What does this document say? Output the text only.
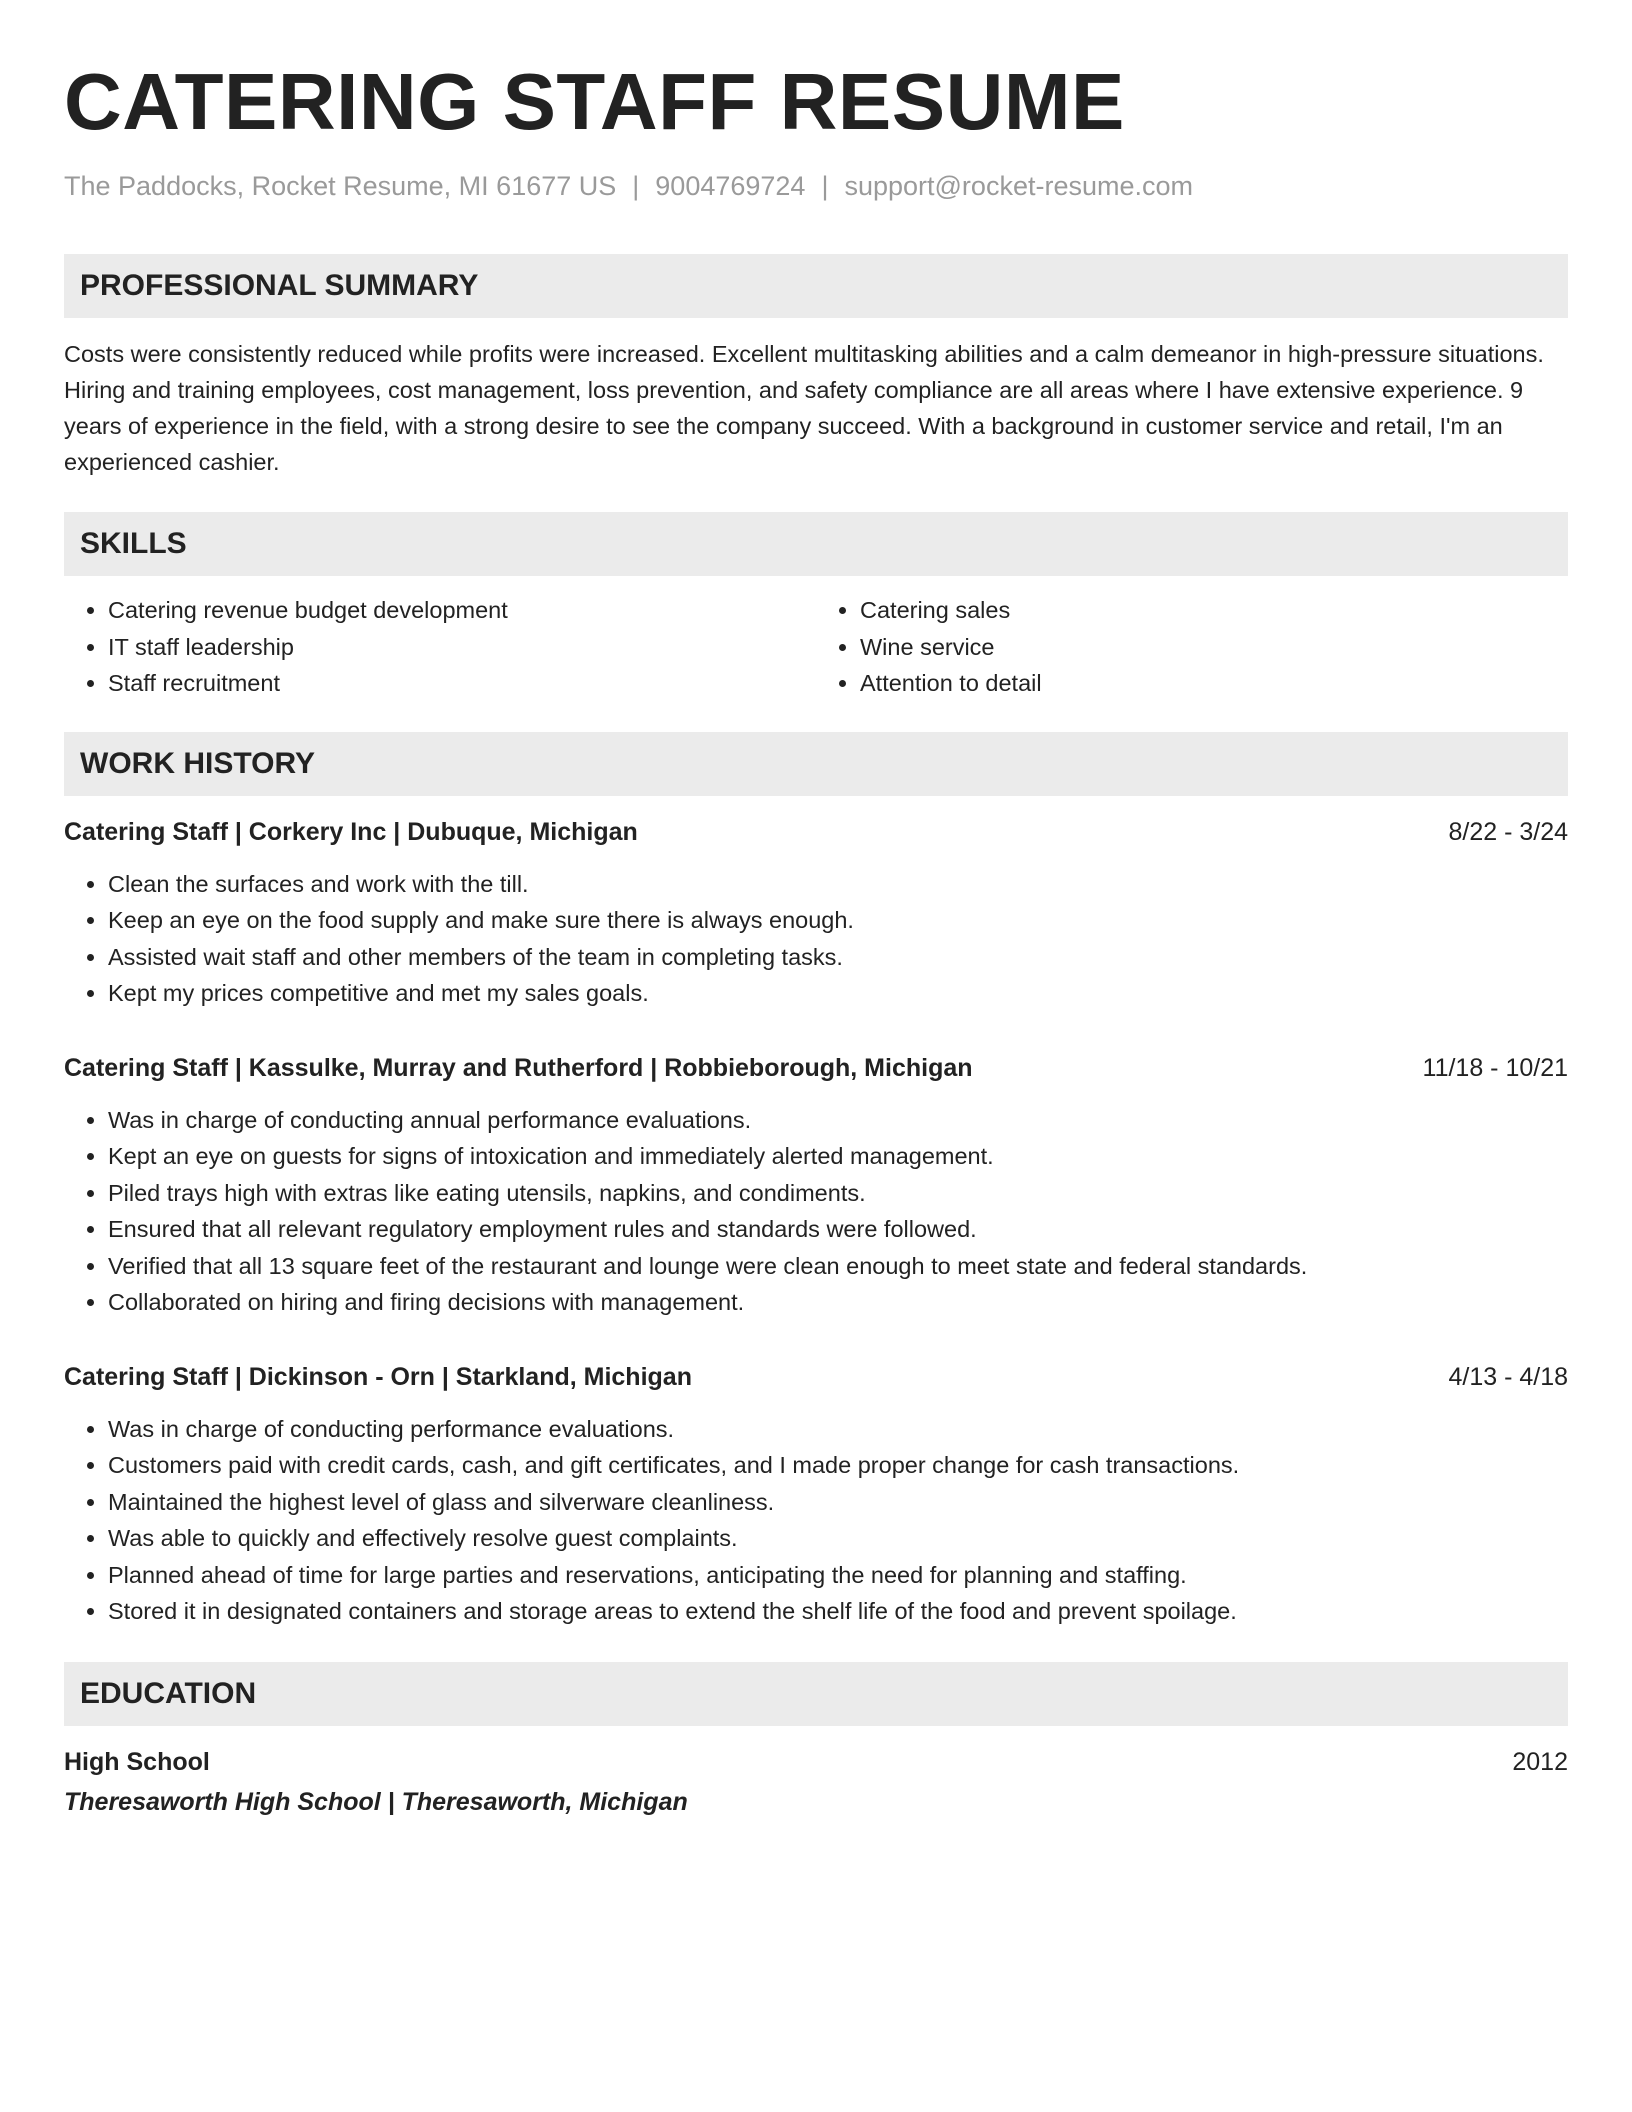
CATERING STAFF RESUME
The Paddocks, Rocket Resume, MI 61677 US | 9004769724 | support@rocket-resume.com
PROFESSIONAL SUMMARY
Costs were consistently reduced while profits were increased. Excellent multitasking abilities and a calm demeanor in high-pressure situations. Hiring and training employees, cost management, loss prevention, and safety compliance are all areas where I have extensive experience. 9 years of experience in the field, with a strong desire to see the company succeed. With a background in customer service and retail, I'm an experienced cashier.
SKILLS
• Catering revenue budget development
• IT staff leadership
• Staff recruitment
• Catering sales
• Wine service
• Attention to detail
WORK HISTORY
Catering Staff | Corkery Inc | Dubuque, Michigan	8/22 - 3/24
• Clean the surfaces and work with the till.
• Keep an eye on the food supply and make sure there is always enough.
• Assisted wait staff and other members of the team in completing tasks.
• Kept my prices competitive and met my sales goals.
Catering Staff | Kassulke, Murray and Rutherford | Robbieborough, Michigan	11/18 - 10/21
• Was in charge of conducting annual performance evaluations.
• Kept an eye on guests for signs of intoxication and immediately alerted management.
• Piled trays high with extras like eating utensils, napkins, and condiments.
• Ensured that all relevant regulatory employment rules and standards were followed.
• Verified that all 13 square feet of the restaurant and lounge were clean enough to meet state and federal standards.
• Collaborated on hiring and firing decisions with management.
Catering Staff | Dickinson - Orn | Starkland, Michigan	4/13 - 4/18
• Was in charge of conducting performance evaluations.
• Customers paid with credit cards, cash, and gift certificates, and I made proper change for cash transactions.
• Maintained the highest level of glass and silverware cleanliness.
• Was able to quickly and effectively resolve guest complaints.
• Planned ahead of time for large parties and reservations, anticipating the need for planning and staffing.
• Stored it in designated containers and storage areas to extend the shelf life of the food and prevent spoilage.
EDUCATION
High School	2012
Theresaworth High School | Theresaworth, Michigan
